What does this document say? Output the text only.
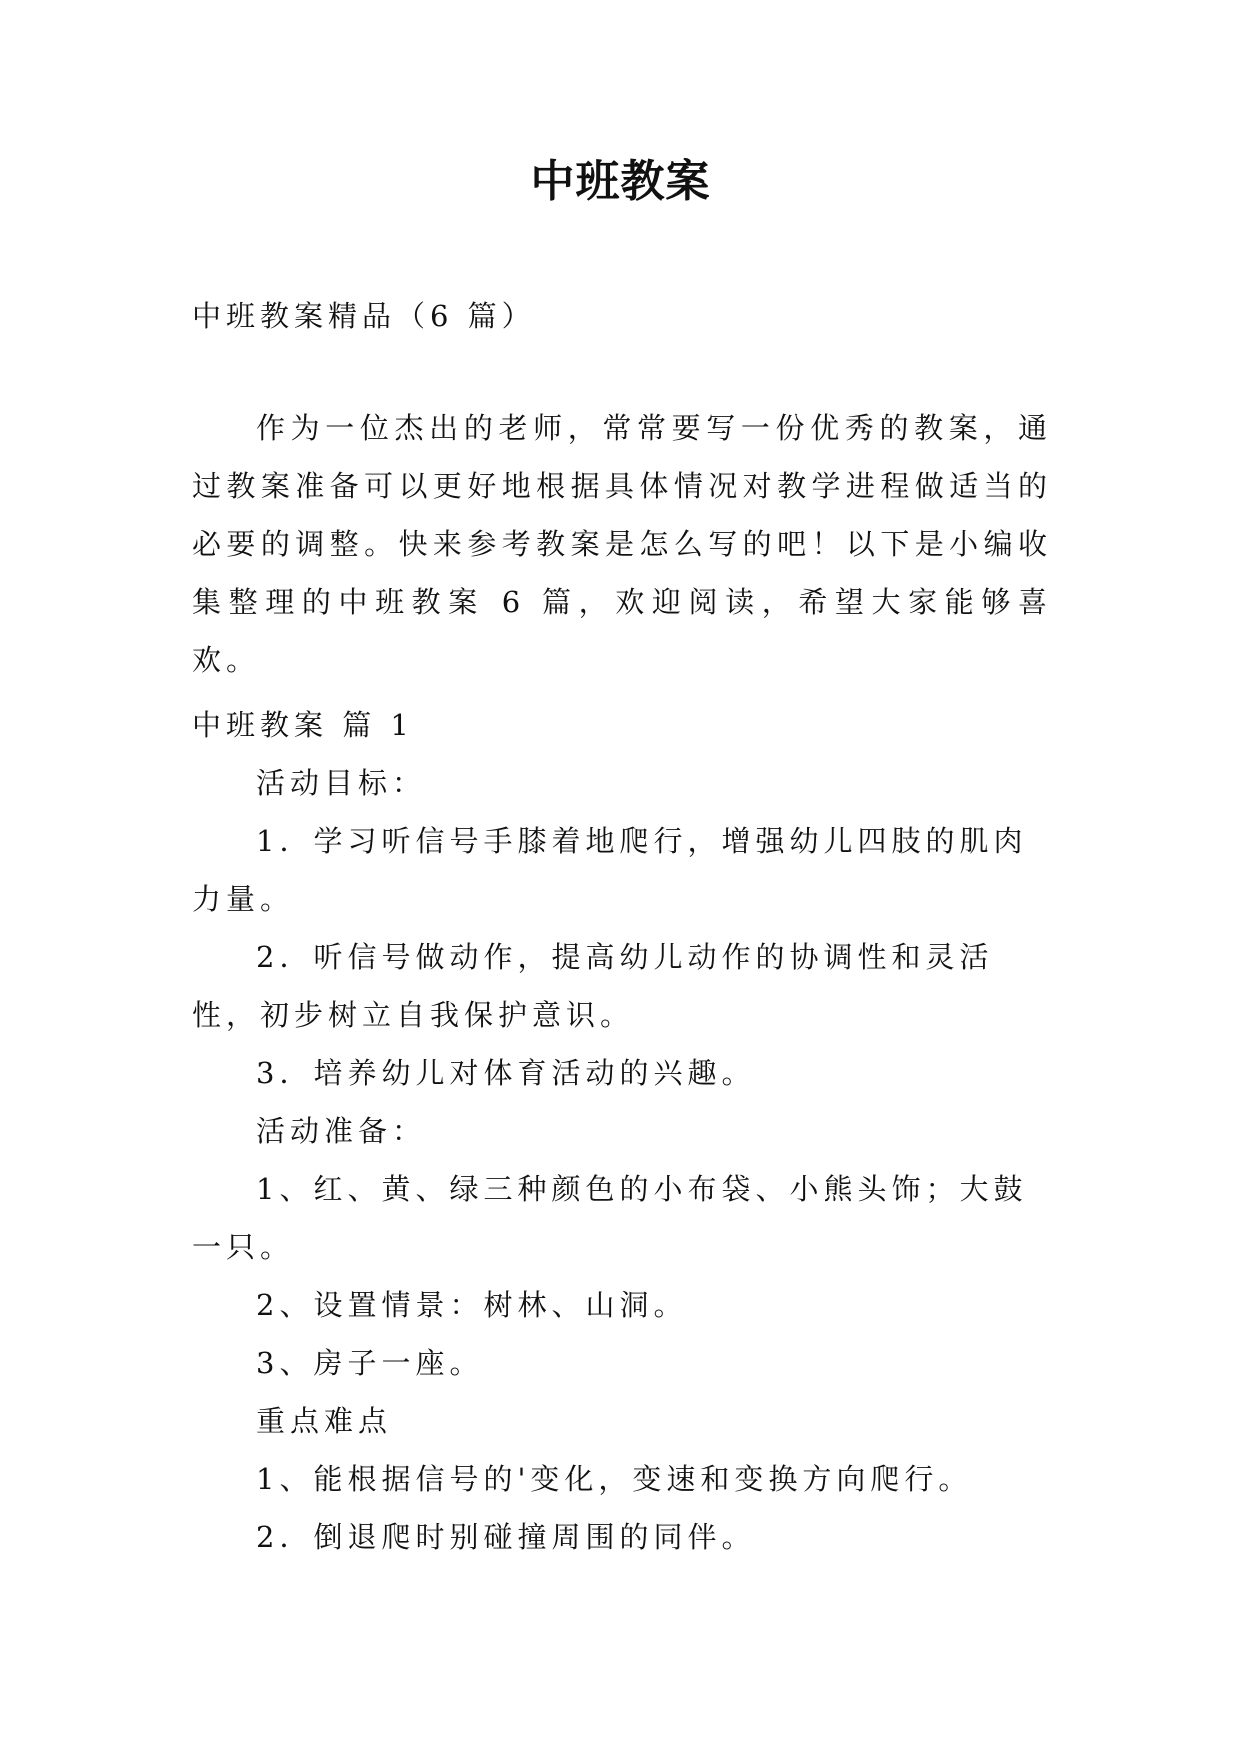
中班教案

中班教案精品（6 篇）

作为一位杰出的老师，常常要写一份优秀的教案，通过教案准备可以更好地根据具体情况对教学进程做适当的必要的调整。快来参考教案是怎么写的吧！以下是小编收集整理的中班教案 6 篇，欢迎阅读，希望大家能够喜欢。

中班教案 篇 1

活动目标：

1．学习听信号手膝着地爬行，增强幼儿四肢的肌肉力量。

2．听信号做动作，提高幼儿动作的协调性和灵活性，初步树立自我保护意识。

3．培养幼儿对体育活动的兴趣。

活动准备：

1、红、黄、绿三种颜色的小布袋、小熊头饰；大鼓一只。

2、设置情景：树林、山洞。

3、房子一座。

重点难点

1、能根据信号的'变化，变速和变换方向爬行。

2．倒退爬时别碰撞周围的同伴。
